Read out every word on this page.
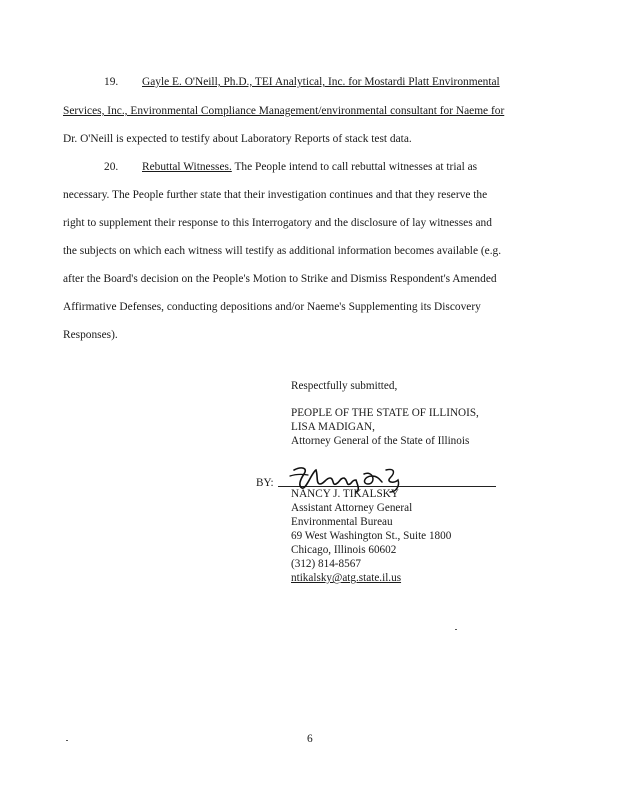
19. Gayle E. O'Neill, Ph.D., TEI Analytical, Inc. for Mostardi Platt Environmental
Services, Inc., Environmental Compliance Management/environmental consultant for Naeme for
Dr. O'Neill is expected to testify about Laboratory Reports of stack test data.
20. Rebuttal Witnesses. The People intend to call rebuttal witnesses at trial as
necessary. The People further state that their investigation continues and that they reserve the
right to supplement their response to this Interrogatory and the disclosure of lay witnesses and
the subjects on which each witness will testify as additional information becomes available (e.g.
after the Board's decision on the People's Motion to Strike and Dismiss Respondent's Amended
Affirmative Defenses, conducting depositions and/or Naeme's Supplementing its Discovery
Responses).
Respectfully submitted,
PEOPLE OF THE STATE OF ILLINOIS,
LISA MADIGAN,
Attorney General of the State of Illinois
BY:
NANCY J. TIKALSKY
Assistant Attorney General
Environmental Bureau
69 West Washington St., Suite 1800
Chicago, Illinois 60602
(312) 814-8567
ntikalsky@atg.state.il.us
6
